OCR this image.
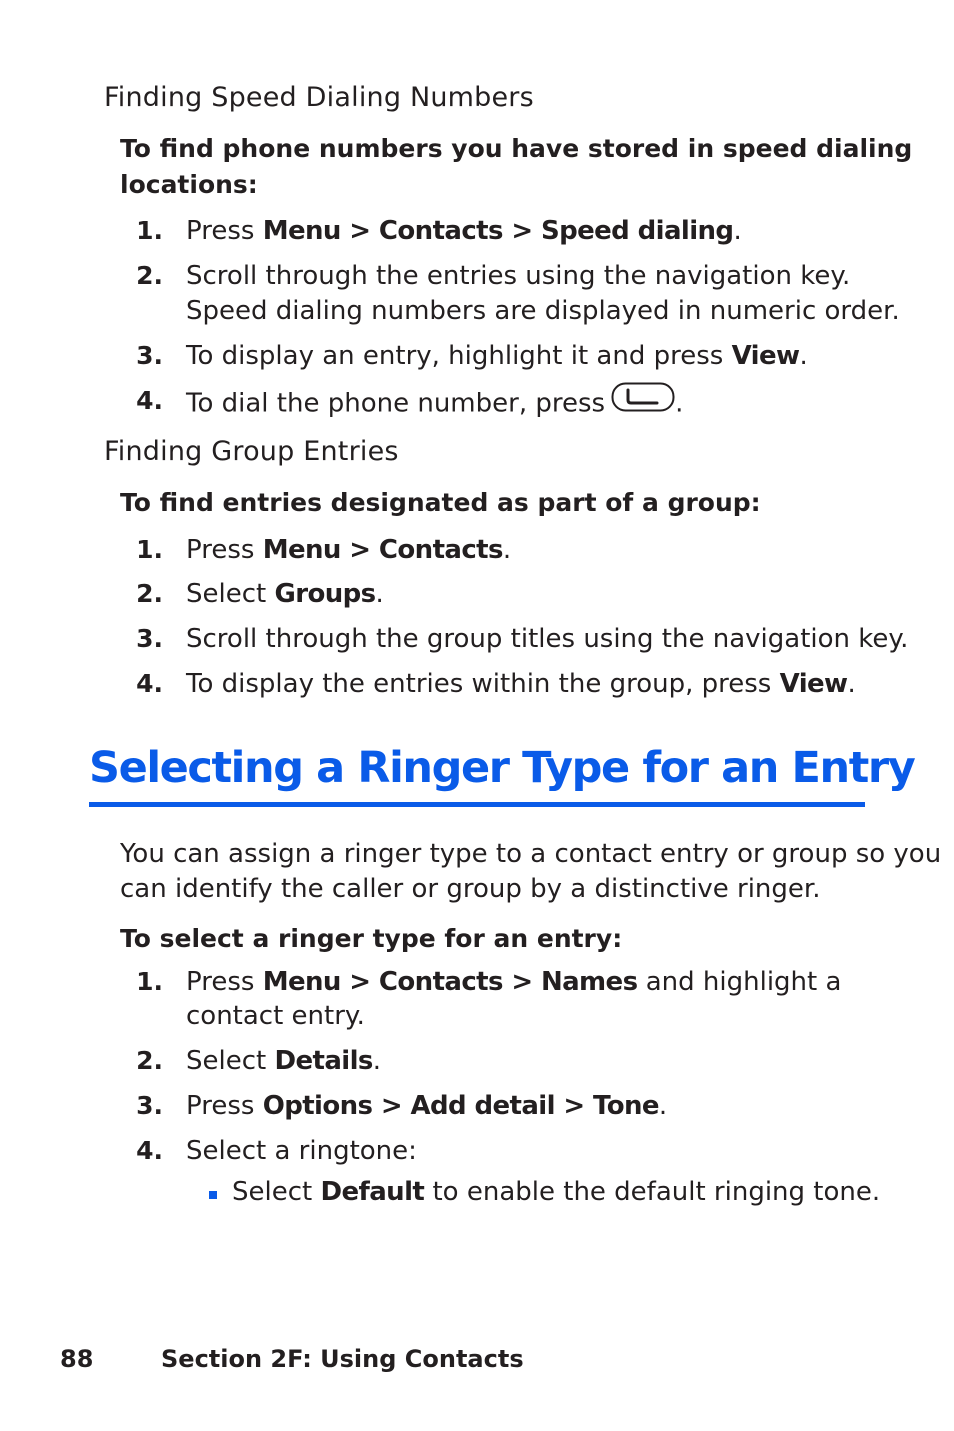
Finding Speed Dialing Numbers
To find phone numbers you have stored in speed dialing
locations:
1. Press Menu > Contacts > Speed dialing.
2. Scroll through the entries using the navigation key.
Speed dialing numbers are displayed in numeric order.
3. To display an entry, highlight it and press View.
4. To dial the phone number, press	.
Finding Group Entries
To find entries designated as part of a group:
1. Press Menu > Contacts.
2. Select Groups.
3. Scroll through the group titles using the navigation key.
4. To display the entries within the group, press View.
Selecting a Ringer Type for an Entry
You can assign a ringer type to a contact entry or group so you
can identify the caller or group by a distinctive ringer.
To select a ringer type for an entry:
1. Press Menu > Contacts > Names and highlight a
contact entry.
2. Select Details.
3. Press Options > Add detail > Tone.
4. Select a ringtone:
Select Default to enable the default ringing tone.
88	Section 2F: Using Contacts
